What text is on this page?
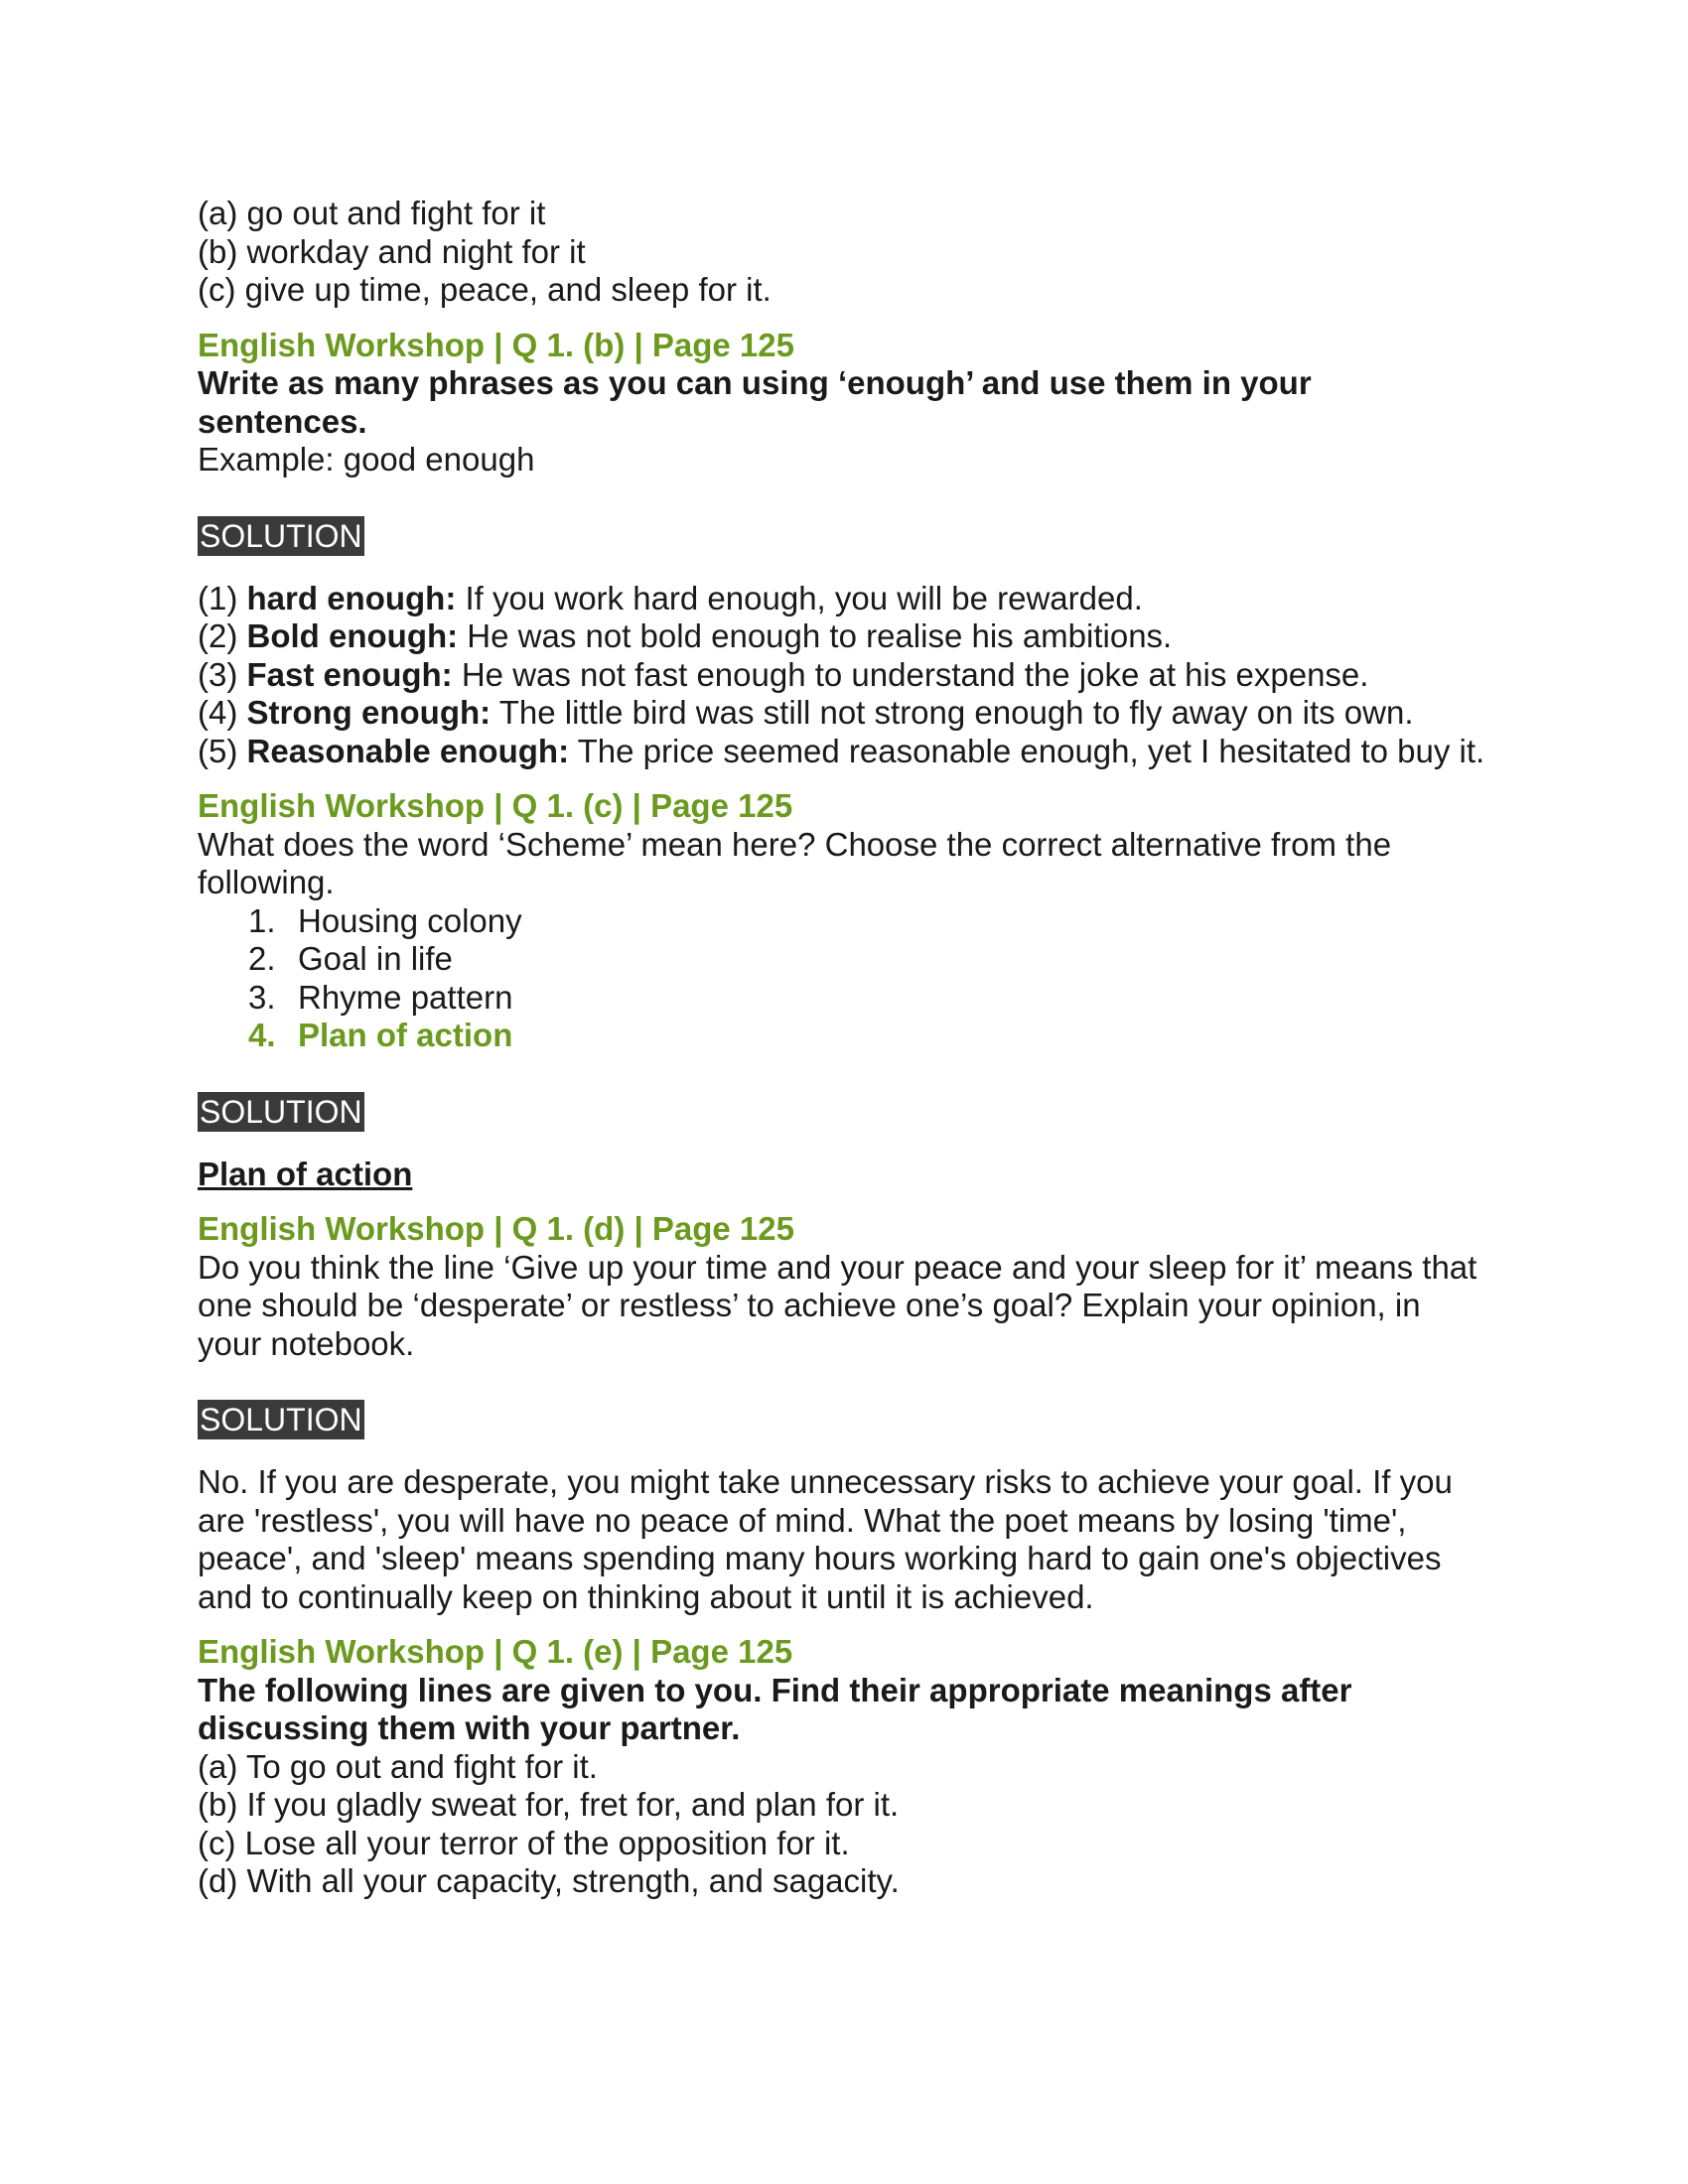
(a) go out and fight for it
(b) workday and night for it
(c) give up time, peace, and sleep for it.
English Workshop | Q 1. (b) | Page 125
Write as many phrases as you can using ‘enough’ and use them in your sentences.
Example: good enough
SOLUTION
(1) hard enough: If you work hard enough, you will be rewarded.
(2) Bold enough: He was not bold enough to realise his ambitions.
(3) Fast enough: He was not fast enough to understand the joke at his expense.
(4) Strong enough: The little bird was still not strong enough to fly away on its own.
(5) Reasonable enough: The price seemed reasonable enough, yet I hesitated to buy it.
English Workshop | Q 1. (c) | Page 125
What does the word ‘Scheme’ mean here? Choose the correct alternative from the following.
1. Housing colony
2. Goal in life
3. Rhyme pattern
4. Plan of action
SOLUTION
Plan of action
English Workshop | Q 1. (d) | Page 125
Do you think the line ‘Give up your time and your peace and your sleep for it’ means that one should be ‘desperate’ or restless’ to achieve one’s goal? Explain your opinion, in your notebook.
SOLUTION
No. If you are desperate, you might take unnecessary risks to achieve your goal. If you are 'restless', you will have no peace of mind. What the poet means by losing 'time', peace', and 'sleep' means spending many hours working hard to gain one's objectives and to continually keep on thinking about it until it is achieved.
English Workshop | Q 1. (e) | Page 125
The following lines are given to you. Find their appropriate meanings after discussing them with your partner.
(a) To go out and fight for it.
(b) If you gladly sweat for, fret for, and plan for it.
(c) Lose all your terror of the opposition for it.
(d) With all your capacity, strength, and sagacity.
